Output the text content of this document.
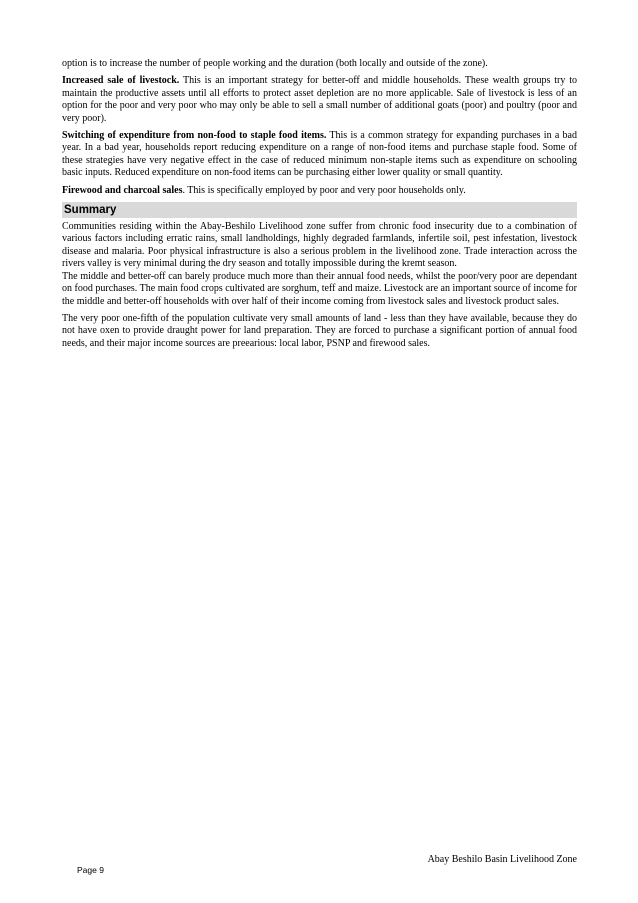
option is to increase the number of people working and the duration (both locally and outside of the zone).

Increased sale of livestock. This is an important strategy for better-off and middle households. These wealth groups try to maintain the productive assets until all efforts to protect asset depletion are no more applicable. Sale of livestock is less of an option for the poor and very poor who may only be able to sell a small number of additional goats (poor) and poultry (poor and very poor).

Switching of expenditure from non-food to staple food items. This is a common strategy for expanding purchases in a bad year. In a bad year, households report reducing expenditure on a range of non-food items and purchase staple food. Some of these strategies have very negative effect in the case of reduced minimum non-staple items such as expenditure on schooling basic inputs. Reduced expenditure on non-food items can be purchasing either lower quality or small quantity.

Firewood and charcoal sales. This is specifically employed by poor and very poor households only.

Summary

Communities residing within the Abay-Beshilo Livelihood zone suffer from chronic food insecurity due to a combination of various factors including erratic rains, small landholdings, highly degraded farmlands, infertile soil, pest infestation, livestock disease and malaria. Poor physical infrastructure is also a serious problem in the livelihood zone. Trade interaction across the rivers valley is very minimal during the dry season and totally impossible during the kremt season.

The middle and better-off can barely produce much more than their annual food needs, whilst the poor/very poor are dependant on food purchases. The main food crops cultivated are sorghum, teff and maize. Livestock are an important source of income for the middle and better-off households with over half of their income coming from livestock sales and livestock product sales.

The very poor one-fifth of the population cultivate very small amounts of land - less than they have available, because they do not have oxen to provide draught power for land preparation. They are forced to purchase a significant portion of annual food needs, and their major income sources are preearious: local labor, PSNP and firewood sales.

Abay Beshilo Basin Livelihood Zone
Page 9
